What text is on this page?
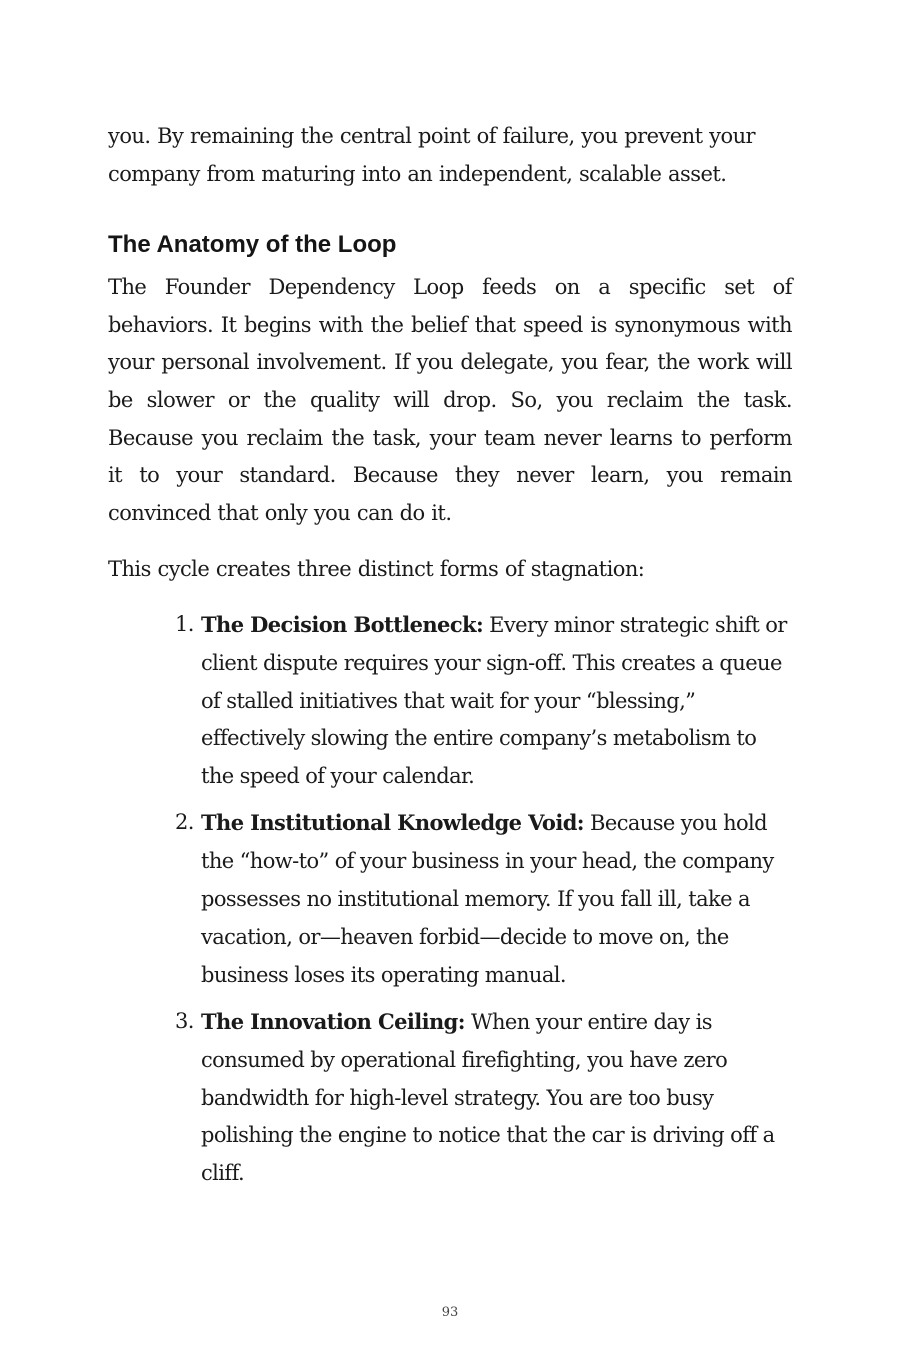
you. By remaining the central point of failure, you prevent your company from maturing into an independent, scalable asset.

The Anatomy of the Loop

The Founder Dependency Loop feeds on a specific set of behaviors. It begins with the belief that speed is synonymous with your personal involvement. If you delegate, you fear, the work will be slower or the quality will drop. So, you reclaim the task. Because you reclaim the task, your team never learns to perform it to your standard. Because they never learn, you remain convinced that only you can do it.

This cycle creates three distinct forms of stagnation:

1. The Decision Bottleneck: Every minor strategic shift or client dispute requires your sign-off. This creates a queue of stalled initiatives that wait for your “blessing,” effectively slowing the entire company’s metabolism to the speed of your calendar.
2. The Institutional Knowledge Void: Because you hold the “how-to” of your business in your head, the company possesses no institutional memory. If you fall ill, take a vacation, or—heaven forbid—decide to move on, the business loses its operating manual.
3. The Innovation Ceiling: When your entire day is consumed by operational firefighting, you have zero bandwidth for high-level strategy. You are too busy polishing the engine to notice that the car is driving off a cliff.
93
